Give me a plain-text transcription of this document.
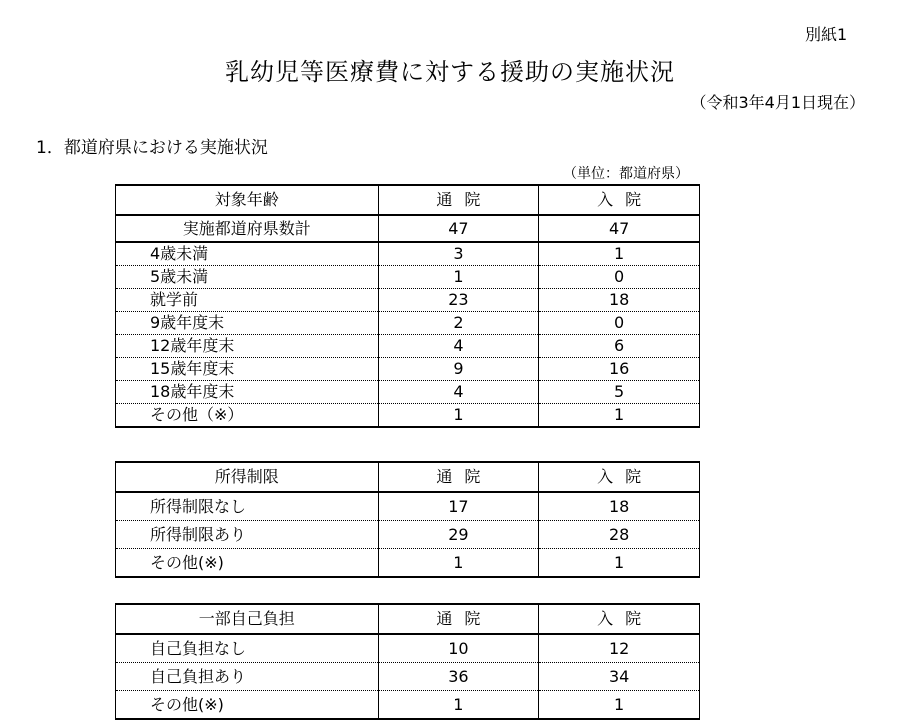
別紙1
乳幼児等医療費に対する援助の実施状況
（令和3年4月1日現在）
1．都道府県における実施状況
（単位：都道府県）
対象年齢	通院	入院
実施都道府県数計	47	47
4歳未満	3	1
5歳未満	1	0
就学前	23	18
9歳年度末	2	0
12歳年度末	4	6
15歳年度末	9	16
18歳年度末	4	5
その他（※）	1	1
所得制限	通院	入院
所得制限なし	17	18
所得制限あり	29	28
その他(※)	1	1
一部自己負担	通院	入院
自己負担なし	10	12
自己負担あり	36	34
その他(※)	1	1
